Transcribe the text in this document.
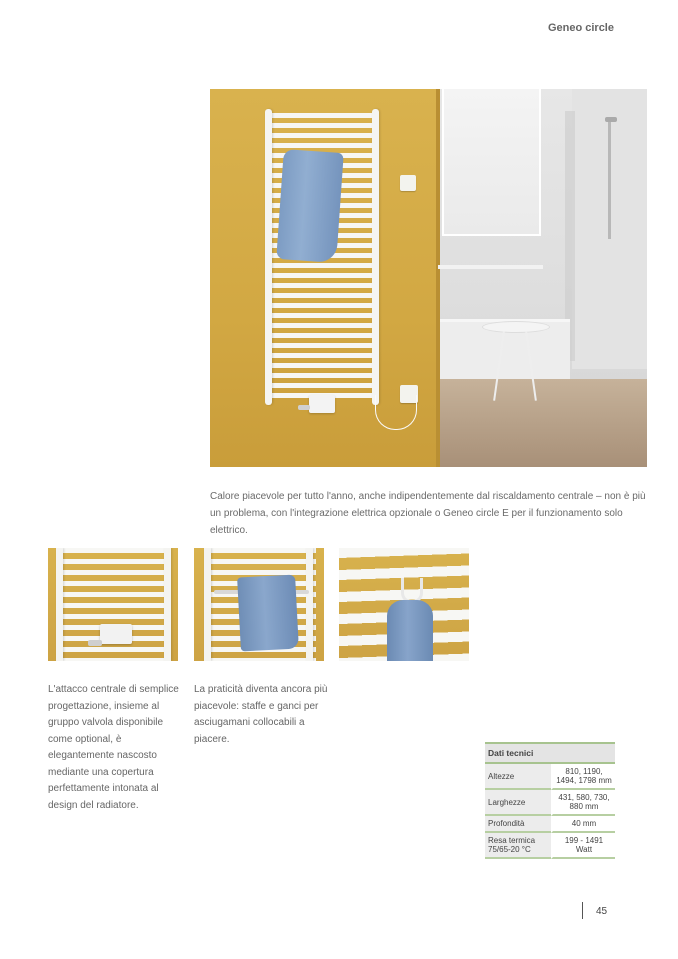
Geneo circle
Calore piacevole per tutto l'anno, anche indipendentemente dal riscaldamento centrale – non è più un problema, con l'integrazione elettrica opzionale o Geneo circle E per il funzionamento solo elettrico.
L'attacco centrale di semplice progettazione, insieme al gruppo valvola disponibile come optional, è elegantemente nascosto mediante una copertura perfettamente intonata al design del radiatore.
La praticità diventa ancora più piacevole: staffe e ganci per asciugamani collocabili a piacere.
Dati tecnici	
Altezze	810, 1190, 1494, 1798 mm
Larghezze	431, 580, 730, 880 mm
Profondità	40 mm
Resa termica 75/65-20 °C	199 - 1491 Watt
45
